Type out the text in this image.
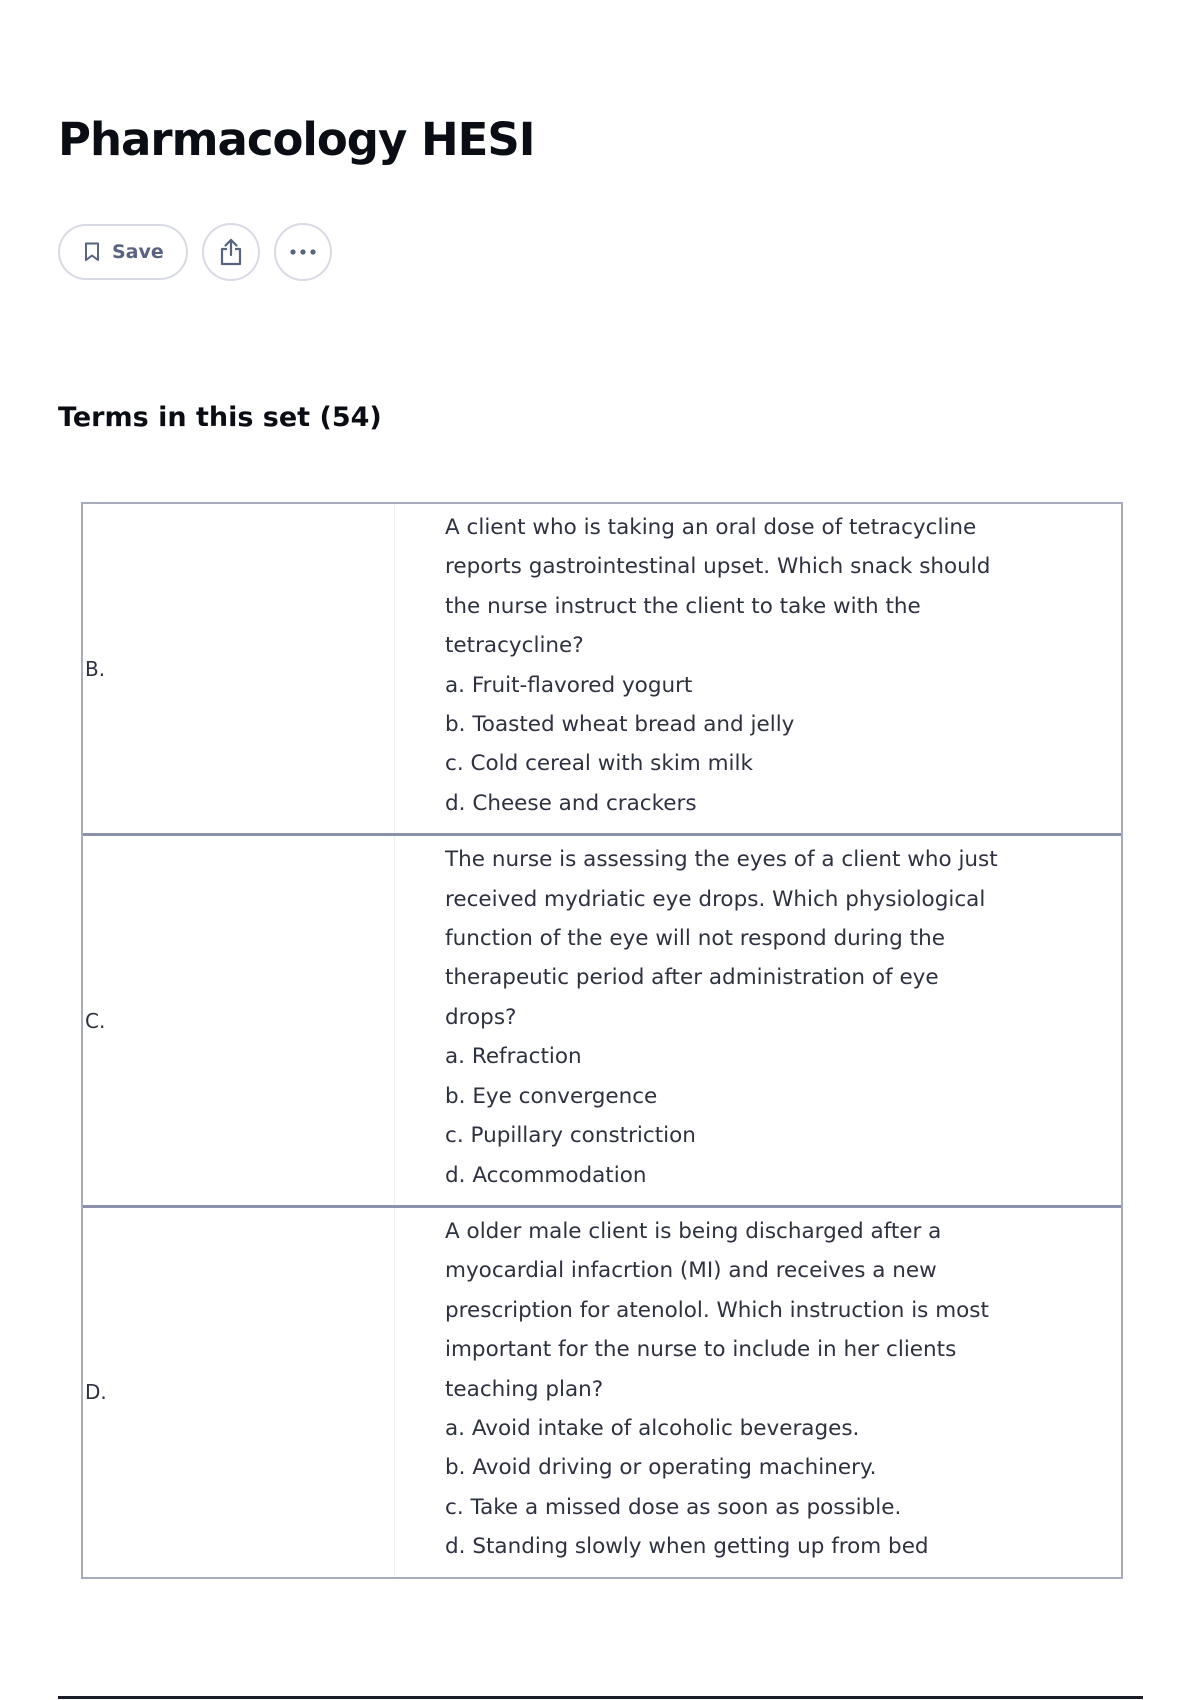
Pharmacology HESI
Save
Terms in this set (54)
B.
A client who is taking an oral dose of tetracycline
reports gastrointestinal upset. Which snack should
the nurse instruct the client to take with the
tetracycline?
a. Fruit-flavored yogurt
b. Toasted wheat bread and jelly
c. Cold cereal with skim milk
d. Cheese and crackers
C.
The nurse is assessing the eyes of a client who just
received mydriatic eye drops. Which physiological
function of the eye will not respond during the
therapeutic period after administration of eye
drops?
a. Refraction
b. Eye convergence
c. Pupillary constriction
d. Accommodation
D.
A older male client is being discharged after a
myocardial infacrtion (MI) and receives a new
prescription for atenolol. Which instruction is most
important for the nurse to include in her clients
teaching plan?
a. Avoid intake of alcoholic beverages.
b. Avoid driving or operating machinery.
c. Take a missed dose as soon as possible.
d. Standing slowly when getting up from bed
